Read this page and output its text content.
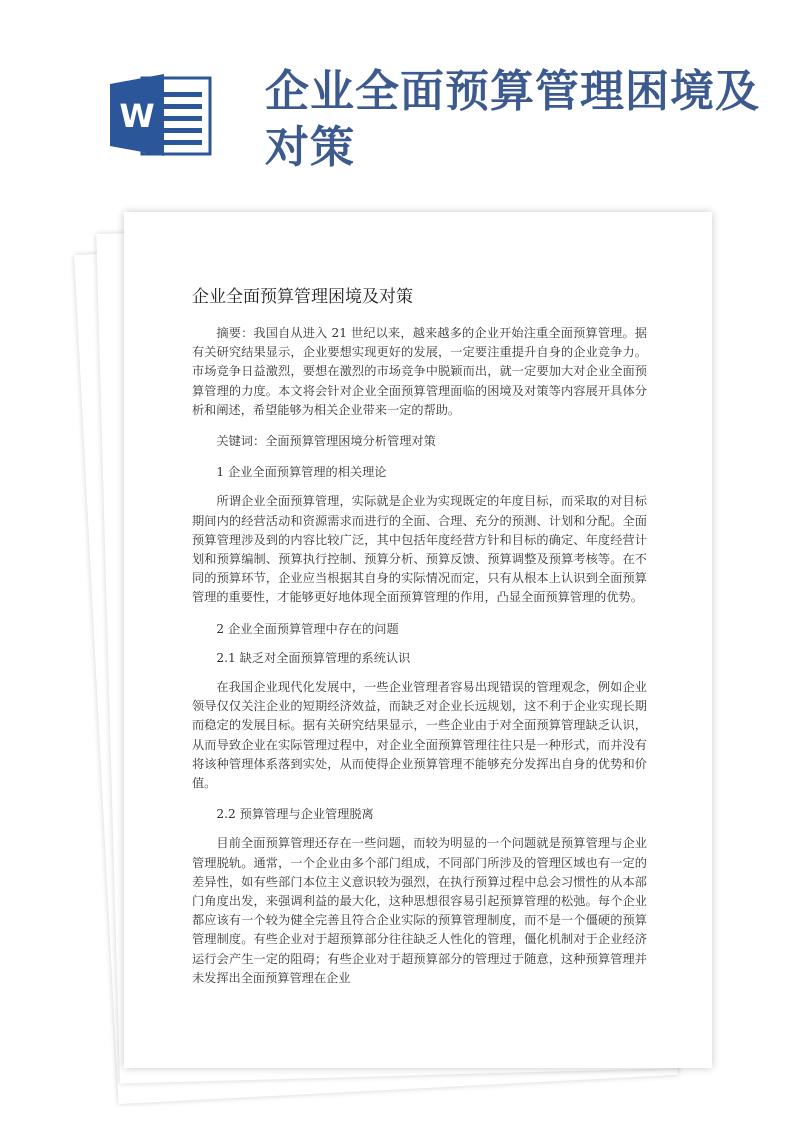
W	企业全面预算管理困境及对策
企业全面预算管理困境及对策

摘要：我国自从进入 21 世纪以来，越来越多的企业开始注重全面预算管理。据有关研究结果显示，企业要想实现更好的发展，一定要注重提升自身的企业竞争力。市场竞争日益激烈，要想在激烈的市场竞争中脱颖而出，就一定要加大对企业全面预算管理的力度。本文将会针对企业全面预算管理面临的困境及对策等内容展开具体分析和阐述，希望能够为相关企业带来一定的帮助。

关键词：全面预算管理困境分析管理对策

1 企业全面预算管理的相关理论

所谓企业全面预算管理，实际就是企业为实现既定的年度目标，而采取的对目标期间内的经营活动和资源需求而进行的全面、合理、充分的预测、计划和分配。全面预算管理涉及到的内容比较广泛，其中包括年度经营方针和目标的确定、年度经营计划和预算编制、预算执行控制、预算分析、预算反馈、预算调整及预算考核等。在不同的预算环节，企业应当根据其自身的实际情况而定，只有从根本上认识到全面预算管理的重要性，才能够更好地体现全面预算管理的作用，凸显全面预算管理的优势。

2 企业全面预算管理中存在的问题

2.1 缺乏对全面预算管理的系统认识

在我国企业现代化发展中，一些企业管理者容易出现错误的管理观念，例如企业领导仅仅关注企业的短期经济效益，而缺乏对企业长远规划，这不利于企业实现长期而稳定的发展目标。据有关研究结果显示，一些企业由于对全面预算管理缺乏认识，从而导致企业在实际管理过程中，对企业全面预算管理往往只是一种形式，而并没有将该种管理体系落到实处，从而使得企业预算管理不能够充分发挥出自身的优势和价值。

2.2 预算管理与企业管理脱离

目前全面预算管理还存在一些问题，而较为明显的一个问题就是预算管理与企业管理脱轨。通常，一个企业由多个部门组成，不同部门所涉及的管理区域也有一定的差异性，如有些部门本位主义意识较为强烈，在执行预算过程中总会习惯性的从本部门角度出发，来强调利益的最大化，这种思想很容易引起预算管理的松弛。每个企业都应该有一个较为健全完善且符合企业实际的预算管理制度，而不是一个僵硬的预算管理制度。有些企业对于超预算部分往往缺乏人性化的管理，僵化机制对于企业经济运行会产生一定的阻碍；有些企业对于超预算部分的管理过于随意，这种预算管理并未发挥出全面预算管理在企业
